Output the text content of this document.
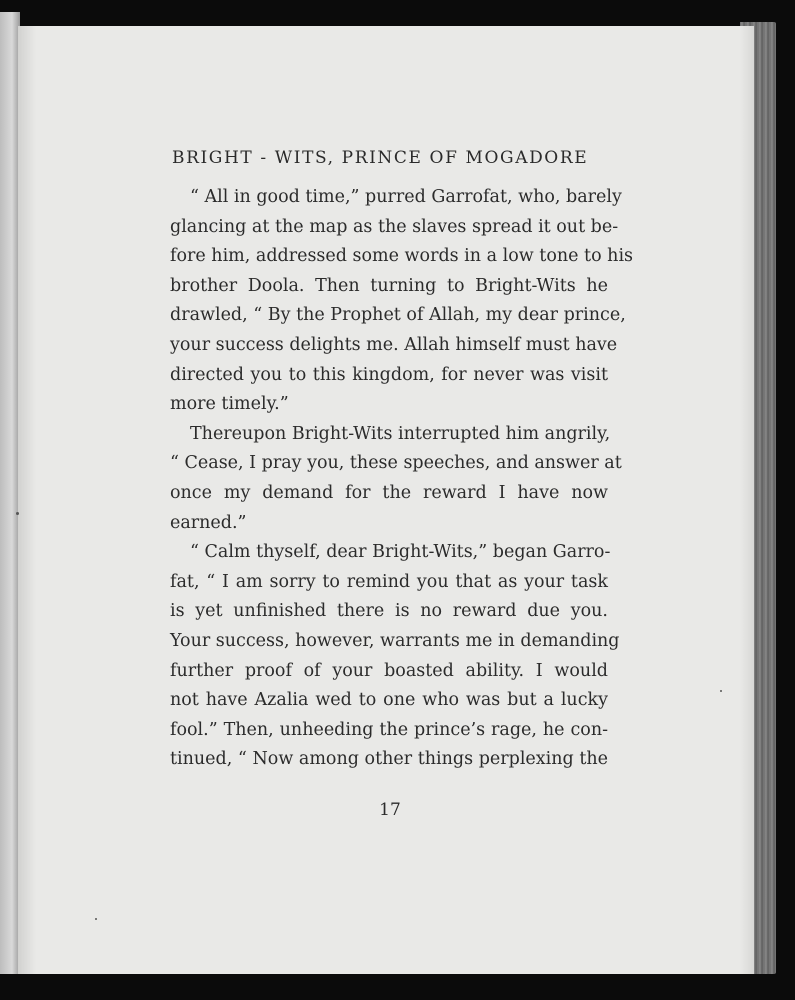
BRIGHT - WITS, PRINCE OF MOGADORE
“ All in good time,” purred Garrofat, who, barely
glancing at the map as the slaves spread it out be-
fore him, addressed some words in a low tone to his
brother Doola. Then turning to Bright-Wits he
drawled, “ By the Prophet of Allah, my dear prince,
your success delights me. Allah himself must have
directed you to this kingdom, for never was visit
more timely.”
Thereupon Bright-Wits interrupted him angrily,
“ Cease, I pray you, these speeches, and answer at
once my demand for the reward I have now
earned.”
“ Calm thyself, dear Bright-Wits,” began Garro-
fat, “ I am sorry to remind you that as your task
is yet unfinished there is no reward due you.
Your success, however, warrants me in demanding
further proof of your boasted ability. I would
not have Azalia wed to one who was but a lucky
fool.” Then, unheeding the prince’s rage, he con-
tinued, “ Now among other things perplexing the
17
